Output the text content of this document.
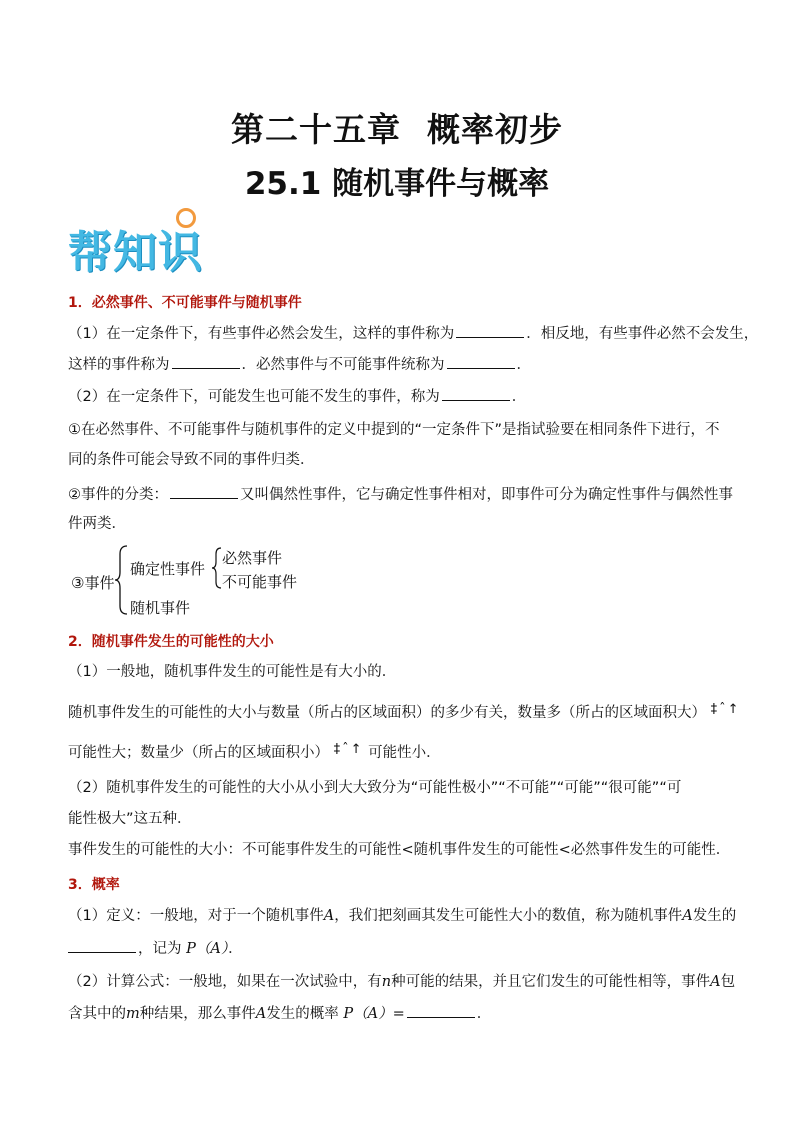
第二十五章 概率初步
25.1 随机事件与概率
帮知识
1．必然事件、不可能事件与随机事件
（1）在一定条件下，有些事件必然会发生，这样的事件称为	．相反地，有些事件必然不会发生，
这样的事件称为	．必然事件与不可能事件统称为	．
（2）在一定条件下，可能发生也可能不发生的事件，称为	．
①在必然事件、不可能事件与随机事件的定义中提到的“一定条件下”是指试验要在相同条件下进行，不
同的条件可能会导致不同的事件归类．
②事件的分类：	又叫偶然性事件，它与确定性事件相对，即事件可分为确定性事件与偶然性事
件两类．
③事件
确定性事件
随机事件
必然事件
不可能事件
2．随机事件发生的可能性的大小
（1）一般地，随机事件发生的可能性是有大小的．
随机事件发生的可能性的大小与数量（所占的区域面积）的多少有关，数量多（所占的区域面积大） ‡ˆ↑
可能性大；数量少（所占的区域面积小） ‡ˆ↑ 可能性小．
（2）随机事件发生的可能性的大小从小到大大致分为“可能性极小”“不可能”“可能”“很可能”“可
能性极大”这五种．
事件发生的可能性的大小：不可能事件发生的可能性<随机事件发生的可能性<必然事件发生的可能性．
3．概率
（1）定义：一般地，对于一个随机事件A，我们把刻画其发生可能性大小的数值，称为随机事件A发生的
，记为 P（A）．
（2）计算公式：一般地，如果在一次试验中，有n种可能的结果，并且它们发生的可能性相等，事件A包
含其中的m种结果，那么事件A发生的概率 P（A）=	．
